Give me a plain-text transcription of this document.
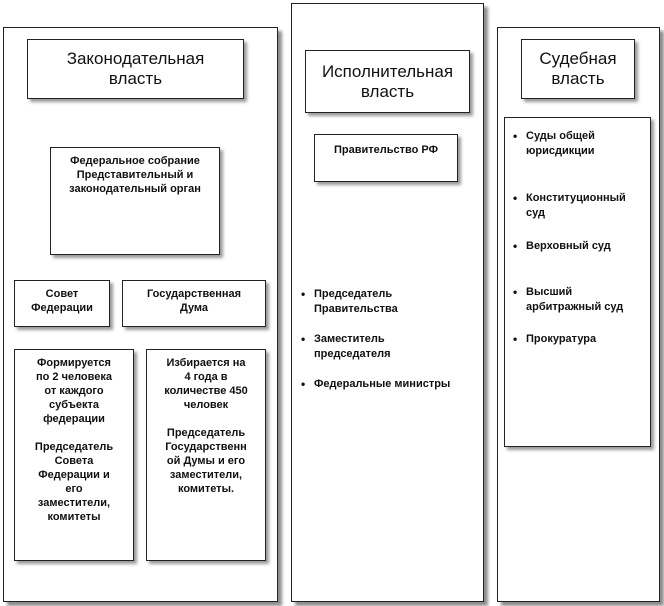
Законодательная
власть
Федеральное собрание
Представительный и
законодательный орган
Совет
Федерации
Государственная
Дума
Формируется
по 2 человека
от каждого
субъекта
федерации

Председатель
Совета
Федерации и
его
заместители,
комитеты
Избирается на
4 года в
количестве 450
человек

Председатель
Государственн
ой Думы и его
заместители,
комитеты.
Исполнительная
власть
Правительство РФ
• Председатель
Правительства
• Заместитель
председателя
• Федеральные министры
Судебная
власть
• Суды общей
юрисдикции
• Конституционный
суд
• Верховный суд
• Высший
арбитражный суд
• Прокуратура
